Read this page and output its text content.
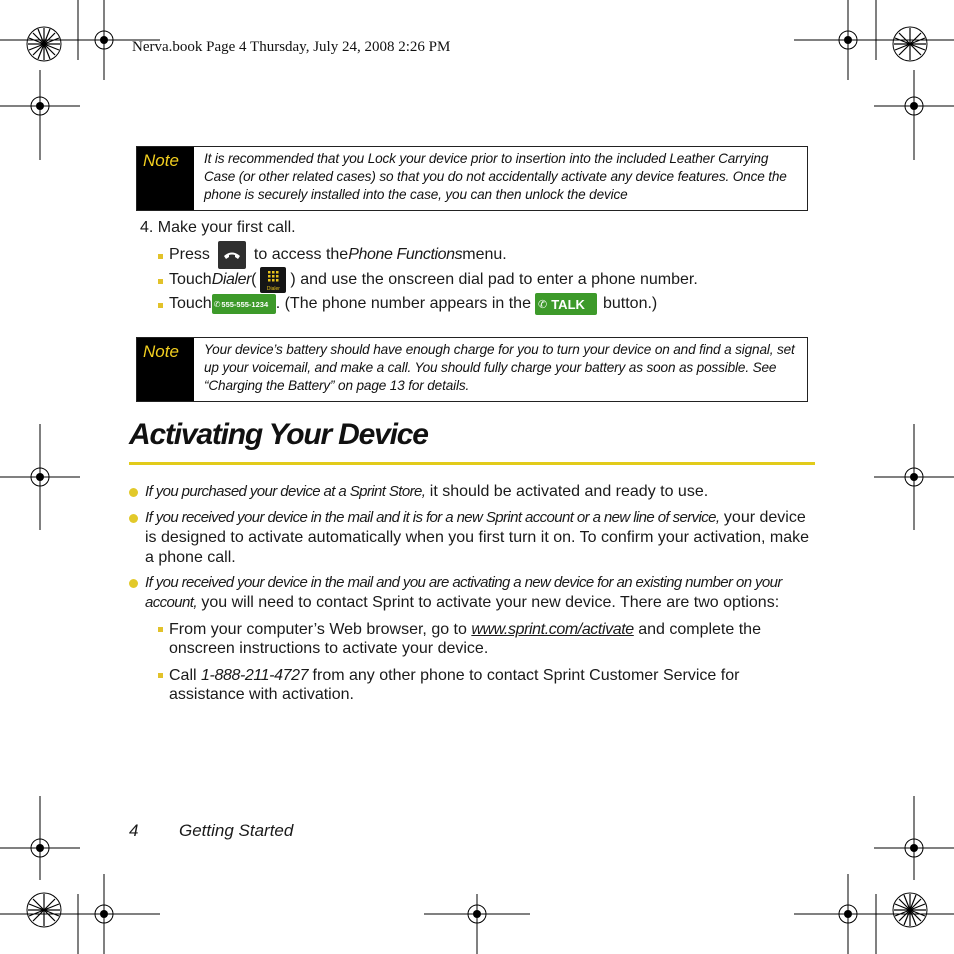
Nerva.book Page 4 Thursday, July 24, 2008 2:26 PM
Note	It is recommended that you Lock your device prior to insertion into the included Leather Carrying Case (or other related cases) so that you do not accidentally activate any device features. Once the phone is securely installed into the case, you can then unlock the device
4. Make your first call.
Press	to access the Phone Functions menu.
Touch Dialer (
Dialer
) and use the onscreen dial pad to enter a phone number.
Touch ✆ 555-555-1234 . (The phone number appears in the ✆ TALK button.)
Note	Your device’s battery should have enough charge for you to turn your device on and find a signal, set up your voicemail, and make a call. You should fully charge your battery as soon as possible. See “Charging the Battery” on page 13 for details.
Activating Your Device
If you purchased your device at a Sprint Store, it should be activated and ready to use.
If you received your device in the mail and it is for a new Sprint account or a new line of service, your device is designed to activate automatically when you first turn it on. To confirm your activation, make a phone call.
If you received your device in the mail and you are activating a new device for an existing number on your account, you will need to contact Sprint to activate your new device. There are two options:
From your computer’s Web browser, go to www.sprint.com/activate and complete the onscreen instructions to activate your device.
Call 1-888-211-4727 from any other phone to contact Sprint Customer Service for assistance with activation.
4 Getting Started
